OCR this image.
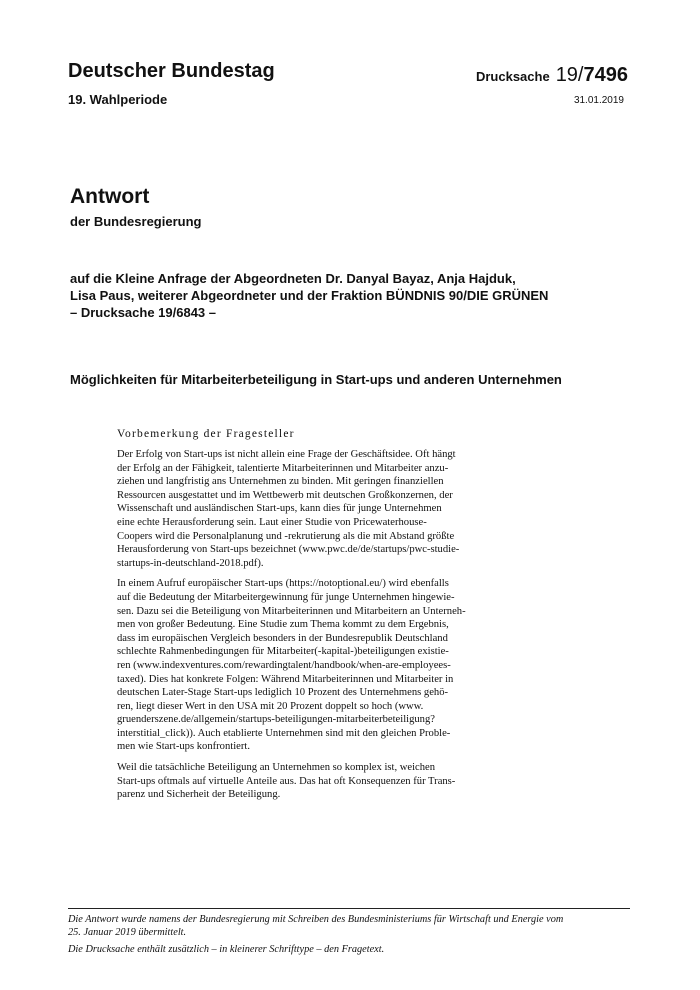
Deutscher Bundestag
19. Wahlperiode
Drucksache 19/7496
31.01.2019
Antwort
der Bundesregierung
auf die Kleine Anfrage der Abgeordneten Dr. Danyal Bayaz, Anja Hajduk,
Lisa Paus, weiterer Abgeordneter und der Fraktion BÜNDNIS 90/DIE GRÜNEN
– Drucksache 19/6843 –
Möglichkeiten für Mitarbeiterbeteiligung in Start-ups und anderen Unternehmen
Vorbemerkung der Fragesteller
Der Erfolg von Start-ups ist nicht allein eine Frage der Geschäftsidee. Oft hängt
der Erfolg an der Fähigkeit, talentierte Mitarbeiterinnen und Mitarbeiter anzu-
ziehen und langfristig ans Unternehmen zu binden. Mit geringen finanziellen
Ressourcen ausgestattet und im Wettbewerb mit deutschen Großkonzernen, der
Wissenschaft und ausländischen Start-ups, kann dies für junge Unternehmen
eine echte Herausforderung sein. Laut einer Studie von Pricewaterhouse-
Coopers wird die Personalplanung und -rekrutierung als die mit Abstand größte
Herausforderung von Start-ups bezeichnet (www.pwc.de/de/startups/pwc-studie-
startups-in-deutschland-2018.pdf).
In einem Aufruf europäischer Start-ups (https://notoptional.eu/) wird ebenfalls
auf die Bedeutung der Mitarbeitergewinnung für junge Unternehmen hingewie-
sen. Dazu sei die Beteiligung von Mitarbeiterinnen und Mitarbeitern an Unterneh-
men von großer Bedeutung. Eine Studie zum Thema kommt zu dem Ergebnis,
dass im europäischen Vergleich besonders in der Bundesrepublik Deutschland
schlechte Rahmenbedingungen für Mitarbeiter(-kapital-)beteiligungen existie-
ren (www.indexventures.com/rewardingtalent/handbook/when-are-employees-
taxed). Dies hat konkrete Folgen: Während Mitarbeiterinnen und Mitarbeiter in
deutschen Later-Stage Start-ups lediglich 10 Prozent des Unternehmens gehö-
ren, liegt dieser Wert in den USA mit 20 Prozent doppelt so hoch (www.
gruenderszene.de/allgemein/startups-beteiligungen-mitarbeiterbeteiligung?
interstitial_click)). Auch etablierte Unternehmen sind mit den gleichen Proble-
men wie Start-ups konfrontiert.
Weil die tatsächliche Beteiligung an Unternehmen so komplex ist, weichen
Start-ups oftmals auf virtuelle Anteile aus. Das hat oft Konsequenzen für Trans-
parenz und Sicherheit der Beteiligung.
Die Antwort wurde namens der Bundesregierung mit Schreiben des Bundesministeriums für Wirtschaft und Energie vom
25. Januar 2019 übermittelt.
Die Drucksache enthält zusätzlich – in kleinerer Schrifttype – den Fragetext.
